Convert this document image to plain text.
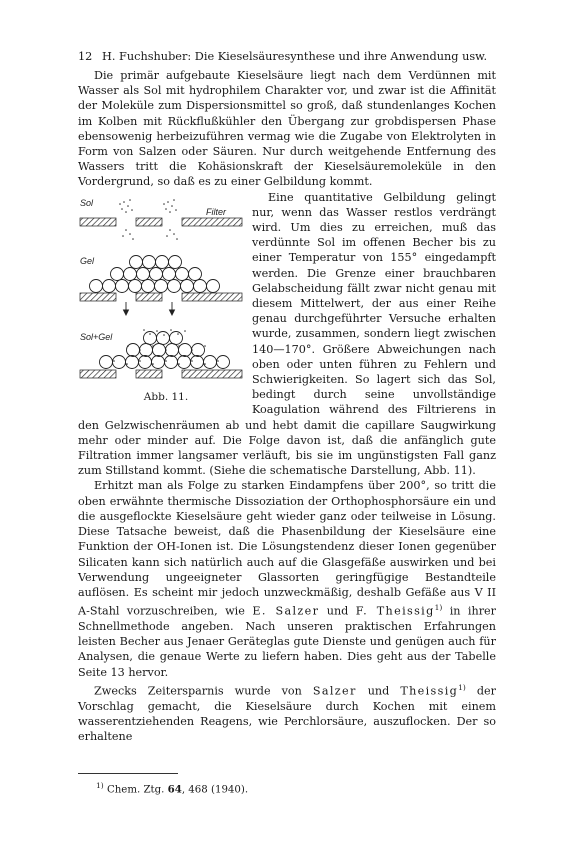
12 H. Fuchshuber: Die Kieselsäuresynthese und ihre Anwendung usw.

Die primär aufgebaute Kieselsäure liegt nach dem Verdünnen mit Wasser als Sol mit hydrophilem Charakter vor, und zwar ist die Affinität der Moleküle zum Dispersionsmittel so groß, daß stundenlanges Kochen im Kolben mit Rückflußkühler den Übergang zur grobdispersen Phase ebensowenig herbeizuführen vermag wie die Zugabe von Elektrolyten in Form von Salzen oder Säuren. Nur durch weitgehende Entfernung des Wassers tritt die Kohäsionskraft der Kieselsäuremoleküle in den Vordergrund, so daß es zu einer Gelbildung kommt.

Sol
Filter
Gel
Sol+Gel
Abb. 11.
Eine quantitative Gelbildung gelingt nur, wenn das Wasser restlos verdrängt wird. Um dies zu erreichen, muß das verdünnte Sol im offenen Becher bis zu einer Temperatur von 155° eingedampft werden. Die Grenze einer brauchbaren Gelabscheidung fällt zwar nicht genau mit diesem Mittelwert, der aus einer Reihe genau durchgeführter Versuche erhalten wurde, zusammen, sondern liegt zwischen 140—170°. Größere Abweichungen nach oben oder unten führen zu Fehlern und Schwierigkeiten. So lagert sich das Sol, bedingt durch seine unvollständige Koagulation während des Filtrierens in den Gelzwischenräumen ab und hebt damit die capillare Saugwirkung mehr oder minder auf. Die Folge davon ist, daß die anfänglich gute Filtration immer langsamer verläuft, bis sie im ungünstigsten Fall ganz zum Stillstand kommt. (Siehe die schematische Darstellung, Abb. 11).

Erhitzt man als Folge zu starken Eindampfens über 200°, so tritt die oben erwähnte thermische Dissoziation der Orthophosphorsäure ein und die ausgeflockte Kieselsäure geht wieder ganz oder teilweise in Lösung. Diese Tatsache beweist, daß die Phasenbildung der Kieselsäure eine Funktion der OH-Ionen ist. Die Lösungstendenz dieser Ionen gegenüber Silicaten kann sich natürlich auch auf die Glasgefäße auswirken und bei Verwendung ungeeigneter Glassorten geringfügige Bestandteile auflösen. Es scheint mir jedoch unzweckmäßig, deshalb Gefäße aus V II A-Stahl vorzuschreiben, wie E. Salzer und F. Theissig$^{1)}$ in ihrer Schnellmethode angeben. Nach unseren praktischen Erfahrungen leisten Becher aus Jenaer Geräteglas gute Dienste und genügen auch für Analysen, die genaue Werte zu liefern haben. Dies geht aus der Tabelle Seite 13 hervor.

Zwecks Zeitersparnis wurde von Salzer und Theissig$^{1)}$ der Vorschlag gemacht, die Kieselsäure durch Kochen mit einem wasserentziehenden Reagens, wie Perchlorsäure, auszuflocken. Der so erhaltene

$^{1)}$ Chem. Ztg. 64, 468 (1940).
